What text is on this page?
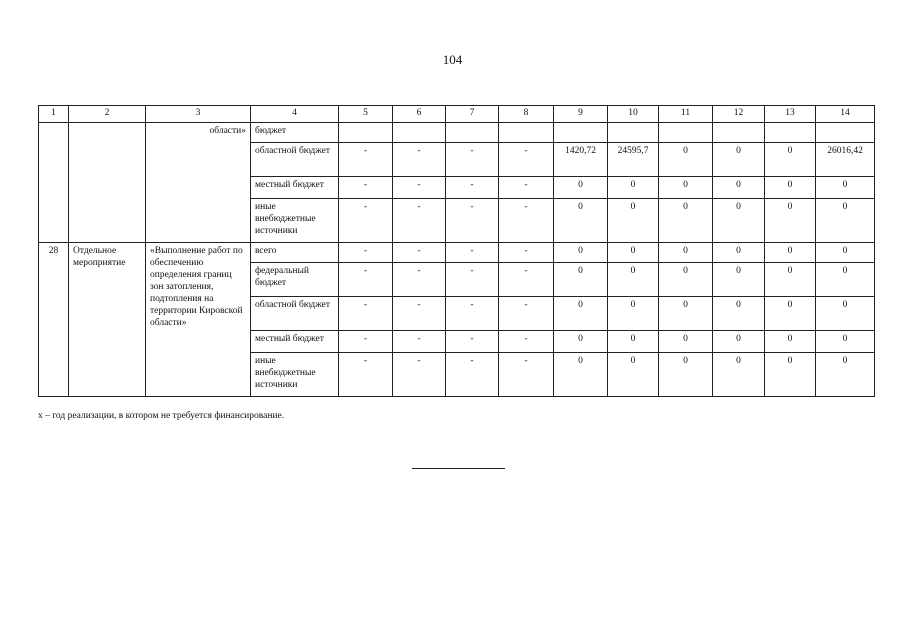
104
1	2	3	4	5	6	7	8	9	10	11	12	13	14
		области»	бюджет										
			областной бюджет	-	-	-	-	1420,72	24595,7	0	0	0	26016,42
			местный бюджет	-	-	-	-	0	0	0	0	0	0
			иные внебюджетные источники	-	-	-	-	0	0	0	0	0	0
28	Отдельное мероприятие	«Выполнение работ по обеспечению определения границ зон затопления, подтопления на территории Кировской области»	всего	-	-	-	-	0	0	0	0	0	0
			федеральный бюджет	-	-	-	-	0	0	0	0	0	0
			областной бюджет	-	-	-	-	0	0	0	0	0	0
			местный бюджет	-	-	-	-	0	0	0	0	0	0
			иные внебюджетные источники	-	-	-	-	0	0	0	0	0	0
х – год реализации, в котором не требуется финансирование.
